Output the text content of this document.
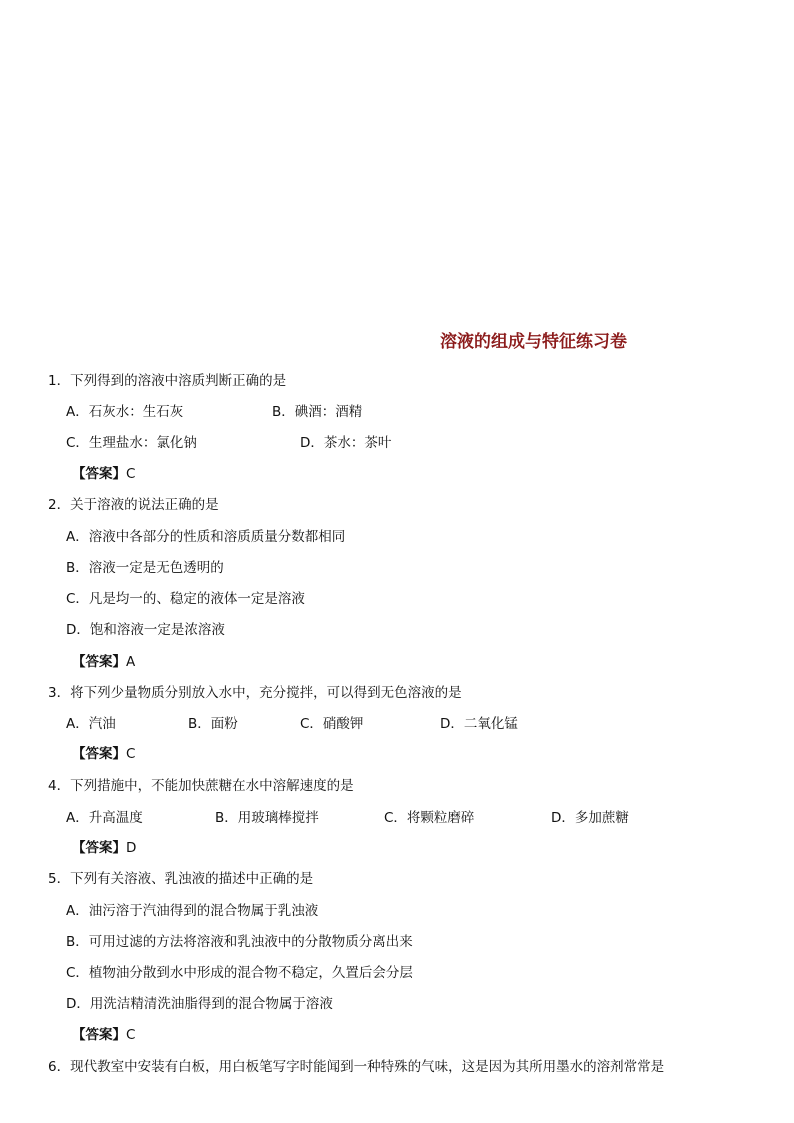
溶液的组成与特征练习卷
1．下列得到的溶液中溶质判断正确的是
A．石灰水：生石灰	B．碘酒：酒精
C．生理盐水：氯化钠	D．茶水：茶叶
【答案】C
2．关于溶液的说法正确的是
A．溶液中各部分的性质和溶质质量分数都相同
B．溶液一定是无色透明的
C．凡是均一的、稳定的液体一定是溶液
D．饱和溶液一定是浓溶液
【答案】A
3．将下列少量物质分别放入水中，充分搅拌，可以得到无色溶液的是
A．汽油	B．面粉	C．硝酸钾	D．二氧化锰
【答案】C
4．下列措施中，不能加快蔗糖在水中溶解速度的是
A．升高温度	B．用玻璃棒搅拌	C．将颗粒磨碎	D．多加蔗糖
【答案】D
5．下列有关溶液、乳浊液的描述中正确的是
A．油污溶于汽油得到的混合物属于乳浊液
B．可用过滤的方法将溶液和乳浊液中的分散物质分离出来
C．植物油分散到水中形成的混合物不稳定，久置后会分层
D．用洗洁精清洗油脂得到的混合物属于溶液
【答案】C
6．现代教室中安装有白板，用白板笔写字时能闻到一种特殊的气味，这是因为其所用墨水的溶剂常常是
